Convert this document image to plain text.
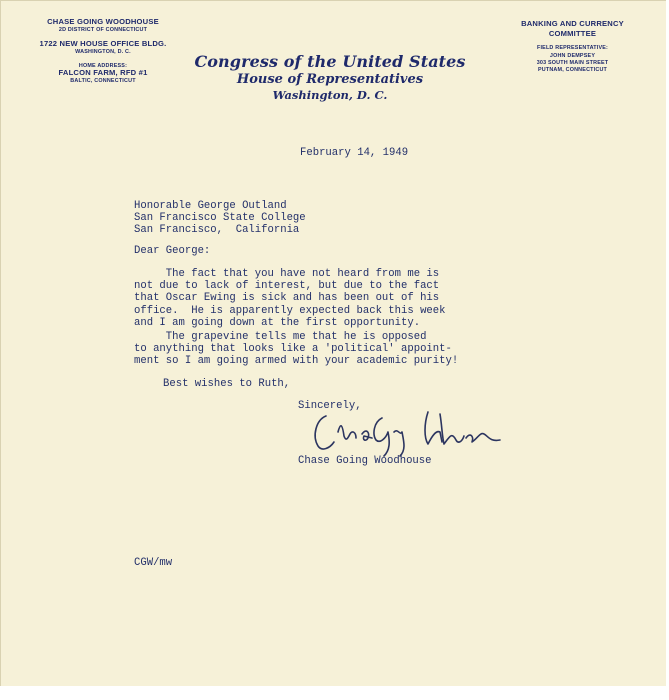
CHASE GOING WOODHOUSE
2D DISTRICT OF CONNECTICUT
1722 NEW HOUSE OFFICE BLDG.
WASHINGTON, D. C.
HOME ADDRESS:
FALCON FARM, RFD #1
BALTIC, CONNECTICUT
BANKING AND CURRENCY
COMMITTEE
FIELD REPRESENTATIVE:
JOHN DEMPSEY
303 SOUTH MAIN STREET
PUTNAM, CONNECTICUT
Congress of the United States
House of Representatives
Washington, D. C.
February 14, 1949
Honorable George Outland
San Francisco State College
San Francisco,  California
Dear George:
The fact that you have not heard from me is
not due to lack of interest, but due to the fact
that Oscar Ewing is sick and has been out of his
office.  He is apparently expected back this week
and I am going down at the first opportunity.
The grapevine tells me that he is opposed
to anything that looks like a 'political' appoint-
ment so I am going armed with your academic purity!
Best wishes to Ruth,
Sincerely,
Chase Going Woodhouse
CGW/mw
